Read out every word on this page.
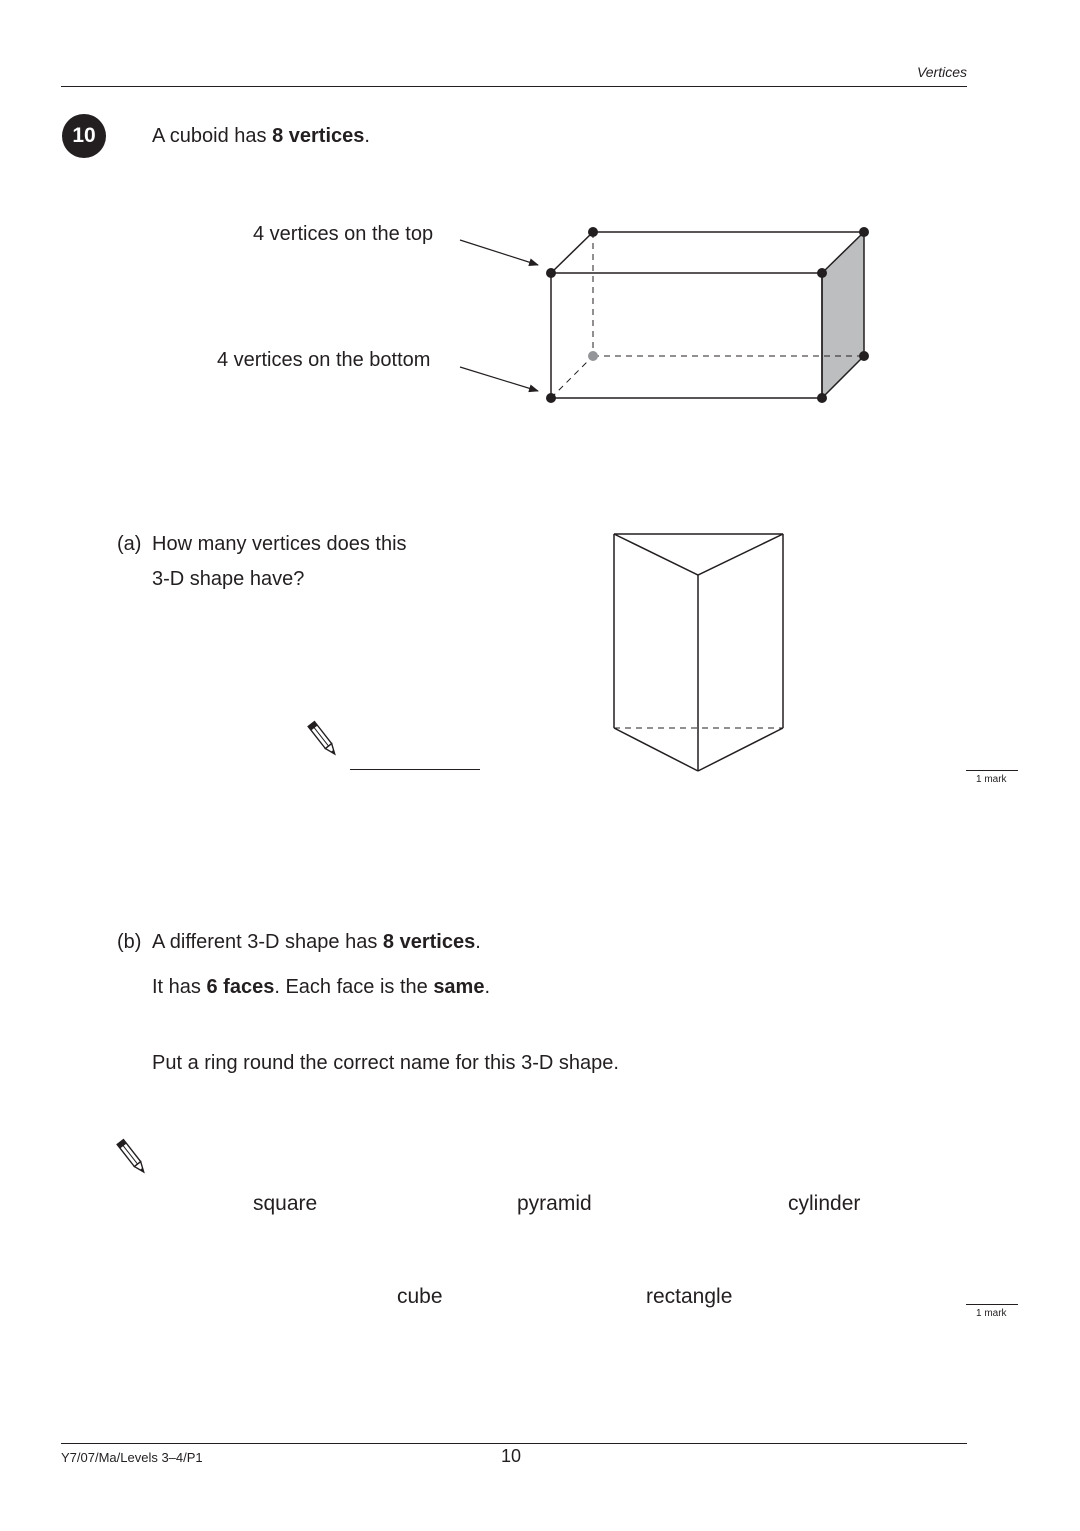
Vertices
10	A cuboid has 8 vertices.
4 vertices on the top
4 vertices on the bottom
(a) How many vertices does this
3-D shape have?
1 mark
(b) A different 3-D shape has 8 vertices.
It has 6 faces. Each face is the same.
Put a ring round the correct name for this 3-D shape.
square	pyramid	cylinder
cube	rectangle
1 mark
Y7/07/Ma/Levels 3–4/P1	10
